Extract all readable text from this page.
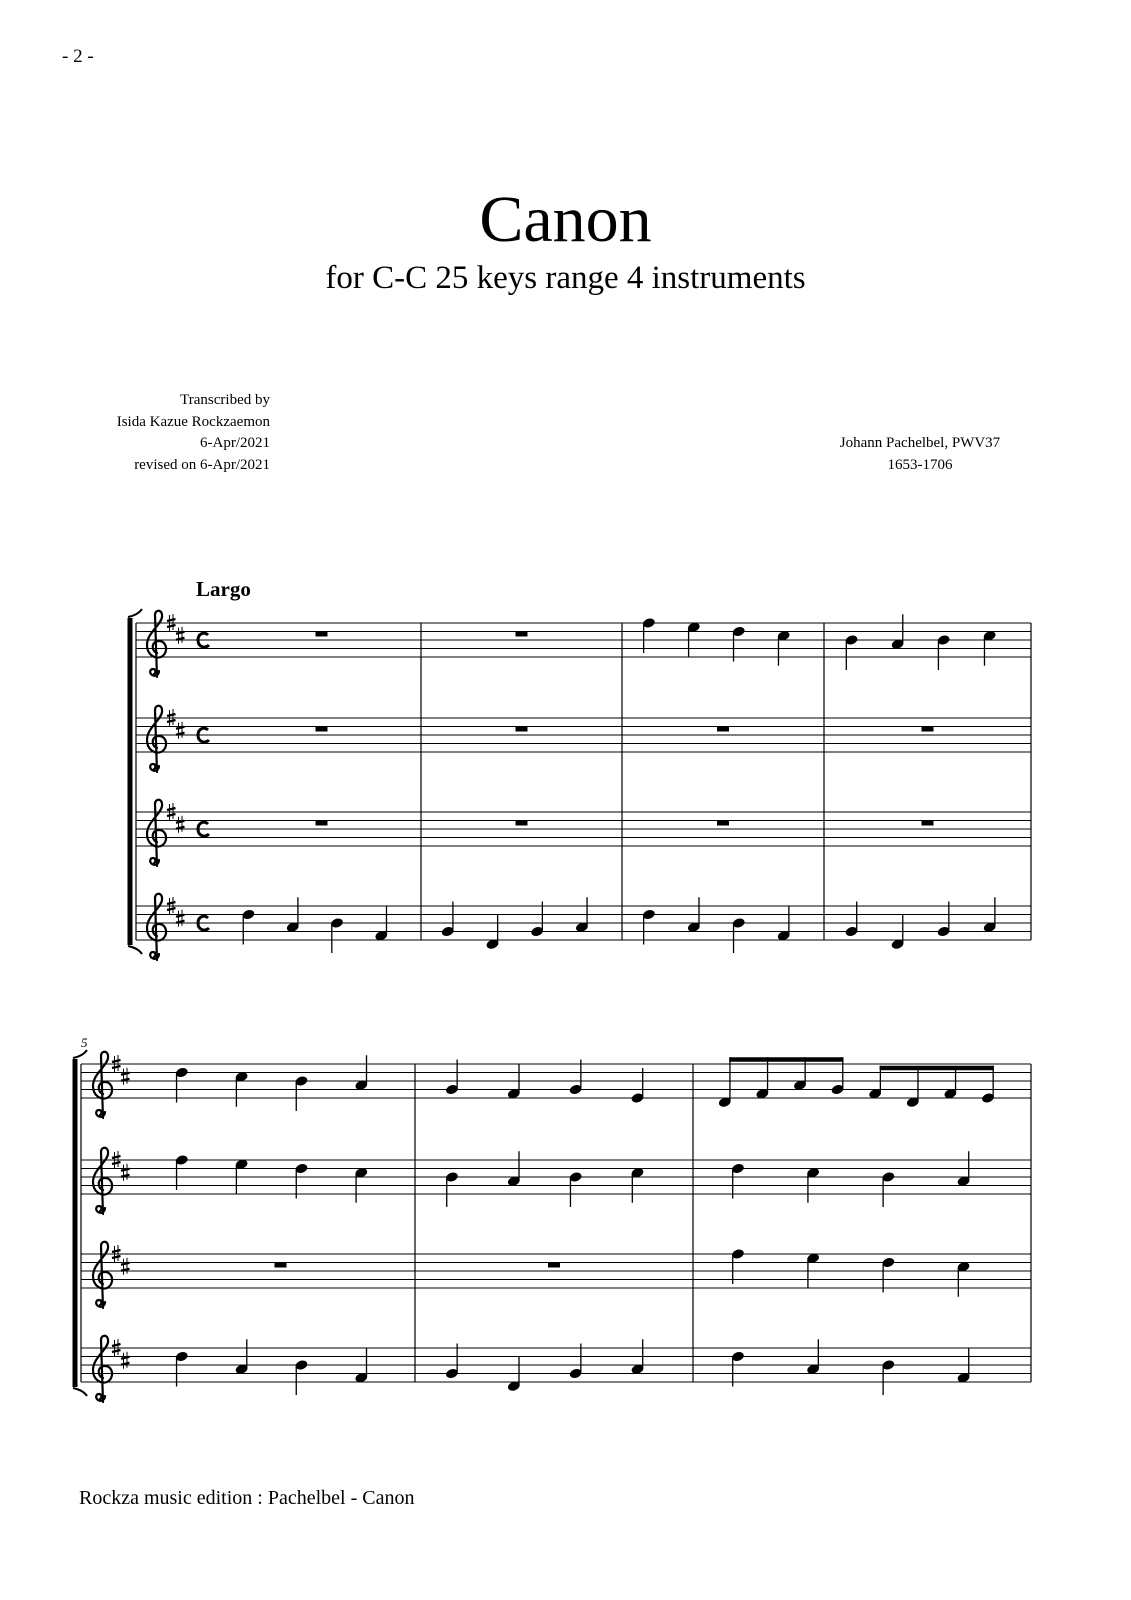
- 2 -
Canon
for C-C 25 keys range 4 instruments
Transcribed by
Isida Kazue Rockzaemon
6-Apr/2021
revised on 6-Apr/2021
Johann Pachelbel, PWV37
1653-1706
Largo
5
Rockza music edition : Pachelbel - Canon
